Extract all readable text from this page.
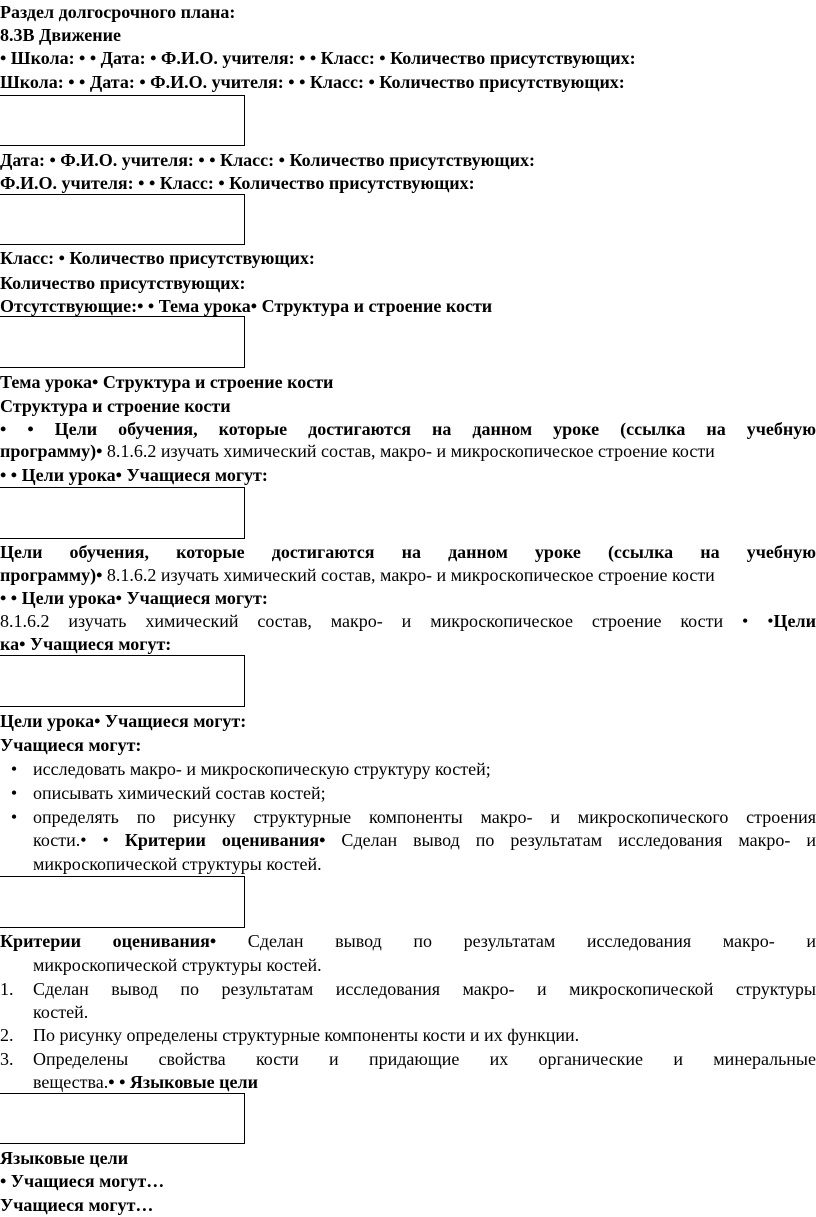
Раздел долгосрочного плана:
8.3В Движение
• Школа: • • Дата: • Ф.И.О. учителя: • • Класс: • Количество присутствующих:
Школа: • • Дата: • Ф.И.О. учителя: • • Класс: • Количество присутствующих:
Дата: • Ф.И.О. учителя: • • Класс: • Количество присутствующих:
Ф.И.О. учителя: • • Класс: • Количество присутствующих:
Класс: • Количество присутствующих:
Количество присутствующих:
Отсутствующие:• • Тема урока• Структура и строение кости
Тема урока• Структура и строение кости
Структура и строение кости
• • Цели обучения, которые достигаются на данном уроке (ссылка на учебную
программу)• 8.1.6.2 изучать химический состав, макро- и микроскопическое строение кости
• • Цели урока• Учащиеся могут:
Цели обучения, которые достигаются на данном уроке (ссылка на учебную
программу)• 8.1.6.2 изучать химический состав, макро- и микроскопическое строение кости
• • Цели урока• Учащиеся могут:
8.1.6.2 изучать химический состав, макро- и микроскопическое строение кости • • Цели
ка• Учащиеся могут:
Цели урока• Учащиеся могут:
Учащиеся могут:
• исследовать макро- и микроскопическую структуру костей;
• описывать химический состав костей;
• определять по рисунку структурные компоненты макро- и микроскопического строения
кости.• • Критерии оценивания• Сделан вывод по результатам исследования макро- и
микроскопической структуры костей.
Критерии оценивания• Сделан вывод по результатам исследования макро- и
микроскопической структуры костей.
1.	Сделан вывод по результатам исследования макро- и микроскопической структуры
костей.
2.	По рисунку определены структурные компоненты кости и их функции.
3.	Определены свойства кости и придающие их органические и минеральные
вещества.• • Языковые цели
Языковые цели
• Учащиеся могут…
Учащиеся могут…
